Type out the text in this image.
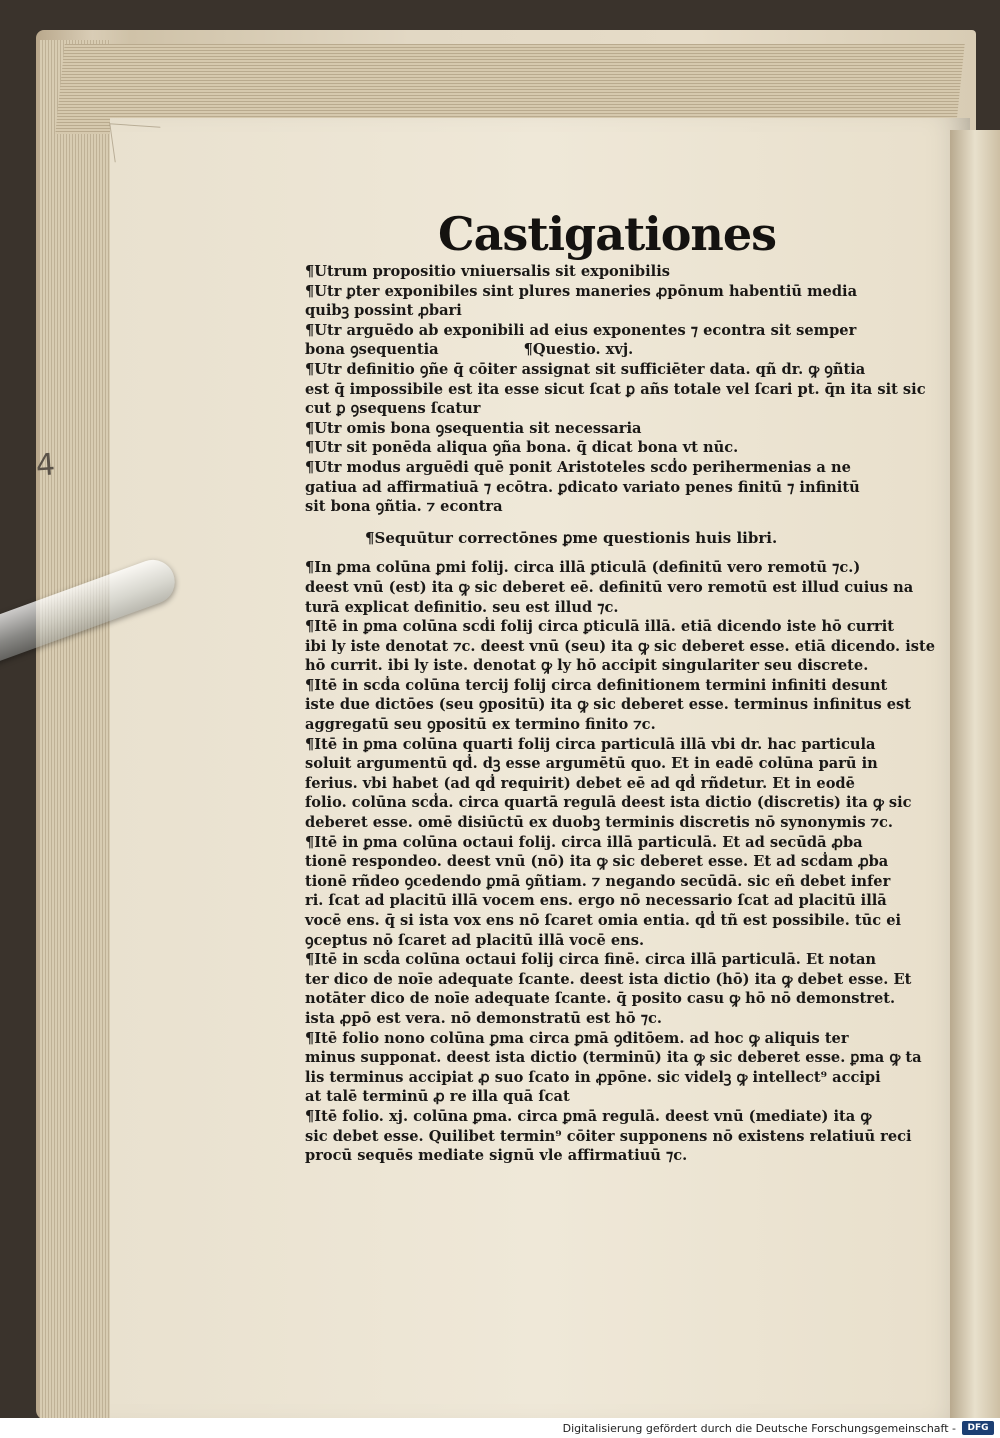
4
Castigationes
¶Utrum propositio vniuersalis sit exponibilis
¶Utr ꝑter exponibiles sint plures maneries ꝓpōnum habentiū media
quibꝫ possint ꝓbari
¶Utr arguēdo ab exponibili ad eius exponentes ⁊ econtra sit semper
bona ꝯsequentia	¶Questio. xvj.
¶Utr definitio ꝯñe q̄ cōiter assignat sit sufficiēter data. qñ dr. ꝙ ꝯñtia
est q̄ impossibile est ita esse sicut ſcat ꝑ añs totale vel ſcari pt. q̄n ita sit sic
cut ꝑ ꝯsequens ſcatur
¶Utr omis bona ꝯsequentia sit necessaria
¶Utr sit ponēda aliqua ꝯña bona. q̄ dicat bona vt nūc.
¶Utr modus arguēdi quē ponit Aristoteles scḋo perihermenias a ne
gatiua ad affirmatiuā ⁊ ecōtra. ꝑdicato variato penes finitū ⁊ infinitū
sit bona ꝯñtia. ⁊ econtra
¶Sequūtur correctōnes ꝑme questionis huis libri.
¶In ꝑma colūna ꝑmi folij. circa illā ꝑticulā (definitū vero remotū ⁊c.)
deest vnū (est) ita ꝙ sic deberet eē. definitū vero remotū est illud cuius na
turā explicat definitio. seu est illud ⁊c.
¶Itē in ꝑma colūna scḋi folij circa ꝑticulā illā. etiā dicendo iste hō currit
ibi ly iste denotat ⁊c. deest vnū (seu) ita ꝙ sic deberet esse. etiā dicendo. iste
hō currit. ibi ly iste. denotat ꝙ ly hō accipit singulariter seu discrete.
¶Itē in scḋa colūna tercij folij circa definitionem termini infiniti desunt
iste due dictōes (seu ꝯpositū) ita ꝙ sic deberet esse. terminus infinitus est
aggregatū seu ꝯpositū ex termino finito ⁊c.
¶Itē in ꝑma colūna quarti folij circa particulā illā vbi dr. hac particula
soluit argumentū qḋ. dꝫ esse argumētū quo. Et in eadē colūna parū in
ferius. vbi habet (ad qḋ requirit) debet eē ad qḋ rñdetur. Et in eodē
folio. colūna scḋa. circa quartā regulā deest ista dictio (discretis) ita ꝙ sic
deberet esse. omē disiūctū ex duobꝫ terminis discretis nō synonymis ⁊c.
¶Itē in ꝑma colūna octaui folij. circa illā particulā. Et ad secūdā ꝓba
tionē respondeo. deest vnū (nō) ita ꝙ sic deberet esse. Et ad scḋam ꝓba
tionē rñdeo ꝯcedendo ꝑmā ꝯñtiam. ⁊ negando secūdā. sic eñ debet infer
ri. ſcat ad placitū illā vocem ens. ergo nō necessario ſcat ad placitū illā
vocē ens. q̄ si ista vox ens nō ſcaret omia entia. qḋ tñ est possibile. tūc ei
ꝯceptus nō ſcaret ad placitū illā vocē ens.
¶Itē in scḋa colūna octaui folij circa finē. circa illā particulā. Et notan
ter dico de noīe adequate ſcante. deest ista dictio (hō) ita ꝙ debet esse. Et
notāter dico de noīe adequate ſcante. q̄ posito casu ꝙ hō nō demonstret.
ista ꝓpō est vera. nō demonstratū est hō ⁊c.
¶Itē folio nono colūna ꝑma circa ꝑmā ꝯditōem. ad hoc ꝙ aliquis ter
minus supponat. deest ista dictio (terminū) ita ꝙ sic deberet esse. ꝑma ꝙ ta
lis terminus accipiat ꝓ suo ſcato in ꝓpōne. sic videlꝫ ꝙ intellect⁹ accipi
at talē terminū ꝓ re illa quā ſcat
¶Itē folio. xj. colūna ꝑma. circa ꝑmā regulā. deest vnū (mediate) ita ꝙ
sic debet esse. Quilibet termin⁹ cōiter supponens nō existens relatiuū reci
procū sequēs mediate signū vle affirmatiuū ⁊c.
Digitalisierung gefördert durch die Deutsche Forschungsgemeinschaft -	DFG
